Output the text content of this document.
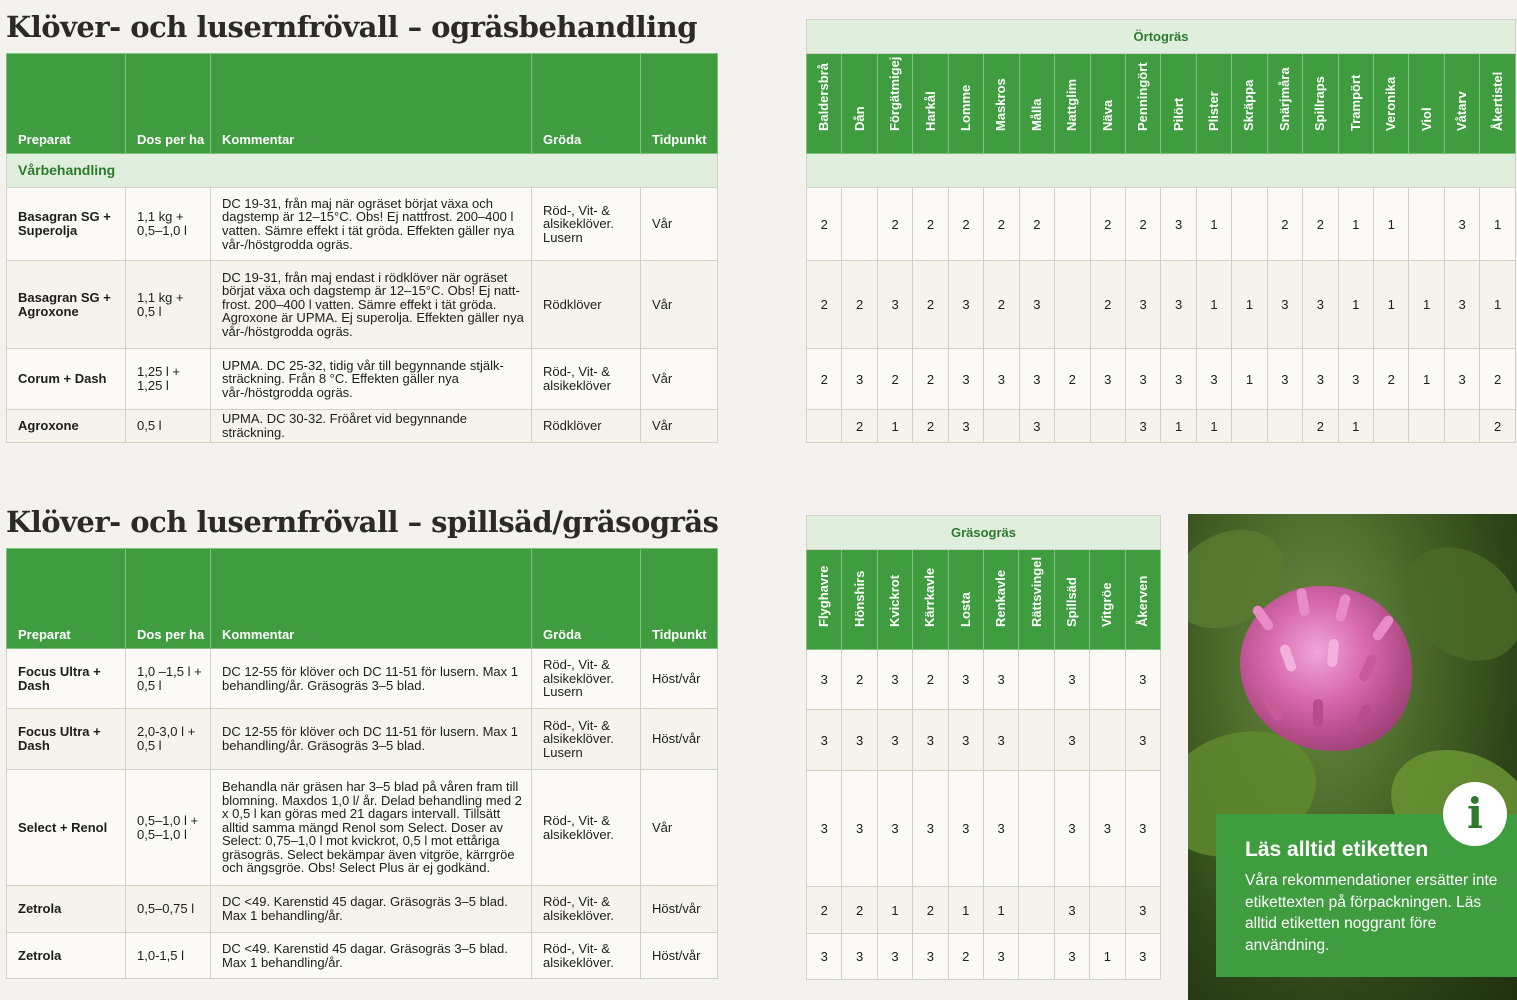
Klöver- och lusernfrövall – ogräsbehandling
Klöver- och lusernfrövall – spillsäd/gräsogräs
Preparat	Dos per ha	Kommentar	Gröda	Tidpunkt
Vårbehandling				
Basagran SG + Superolja	1,1 kg + 0,5–1,0 l	DC 19-31, från maj när ogräset börjat växa och dagstemp är 12–15°C. Obs! Ej nattfrost. 200–400 l vatten. Sämre effekt i tät gröda. Effekten gäller nya vår-/höstgrodda ogräs.	Röd-, Vit- & alsikeklöver. Lusern	Vår
Basagran SG + Agroxone	1,1 kg + 0,5 l	DC 19-31, från maj endast i rödklöver när ogräset börjat växa och dagstemp är 12–15°C. Obs! Ej natt-frost. 200–400 l vatten. Sämre effekt i tät gröda. Agroxone är UPMA. Ej superolja. Effekten gäller nya vår-/höstgrodda ogräs.	Rödklöver	Vår
Corum + Dash	1,25 l + 1,25 l	UPMA. DC 25-32, tidig vår till begynnande stjälk-sträckning. Från 8 °C. Effekten gäller nya vår-/höstgrodda ogräs.	Röd-, Vit- & alsikeklöver	Vår
Agroxone	0,5 l	UPMA. DC 30-32. Fröåret vid begynnande sträckning.	Rödklöver	Vår
Preparat	Dos per ha	Kommentar	Gröda	Tidpunkt
Focus Ultra + Dash	1,0 –1,5 l + 0,5 l	DC 12-55 för klöver och DC 11-51 för lusern. Max 1 behandling/år. Gräsogräs 3–5 blad.	Röd-, Vit- & alsikeklöver. Lusern	Höst/vår
Focus Ultra + Dash	2,0-3,0 l + 0,5 l	DC 12-55 för klöver och DC 11-51 för lusern. Max 1 behandling/år. Gräsogräs 3–5 blad.	Röd-, Vit- & alsikeklöver. Lusern	Höst/vår
Select + Renol	0,5–1,0 l + 0,5–1,0 l	Behandla när gräsen har 3–5 blad på våren fram till blomning. Maxdos 1,0 l/ år. Delad behandling med 2 x 0,5 l kan göras med 21 dagars intervall. Tillsätt alltid samma mängd Renol som Select. Doser av Select: 0,75–1,0 l mot kvickrot, 0,5 l mot ettåriga gräsogräs. Select bekämpar även vitgröe, kärrgröe och ängsgröe. Obs! Select Plus är ej godkänd.	Röd-, Vit- & alsikeklöver.	Vår
Zetrola	0,5–0,75 l	DC <49. Karenstid 45 dagar. Gräsogräs 3–5 blad. Max 1 behandling/år.	Röd-, Vit- & alsikeklöver.	Höst/vår
Zetrola	1,0-1,5 l	DC <49. Karenstid 45 dagar. Gräsogräs 3–5 blad. Max 1 behandling/år.	Röd-, Vit- & alsikeklöver.	Höst/vår
Örtogräs																			

Baldersbrå	Dån	Förgätmigej	Harkål	Lomme	Maskros	Målla	Nattglim	Näva	Penningört	Pilört	Plister	Skräppa	Snärjmåra	Spillraps	Trampört	Veronika	Viol	Våtarv	Åkertistel

2		2	2	2	2	2		2	2	3	1		2	2	1	1		3	1
2	2	3	2	3	2	3		2	3	3	1	1	3	3	1	1	1	3	1
2	3	2	2	3	3	3	2	3	3	3	3	1	3	3	3	2	1	3	2
	2	1	2	3		3			3	1	1			2	1				2
Gräsogräs									

Flyghavre	Hönshirs	Kvickrot	Kärrkavle	Losta	Renkavle	Rättsvingel	Spillsäd	Vitgröe	Åkerven

3	2	3	2	3	3		3		3
3	3	3	3	3	3		3		3
3	3	3	3	3	3		3	3	3
2	2	1	2	1	1		3		3
3	3	3	3	2	3		3	1	3
Läs alltid etiketten
Våra rekommendationer ersätter inte etikettexten på förpackningen. Läs alltid etiketten noggrant före användning.
i
